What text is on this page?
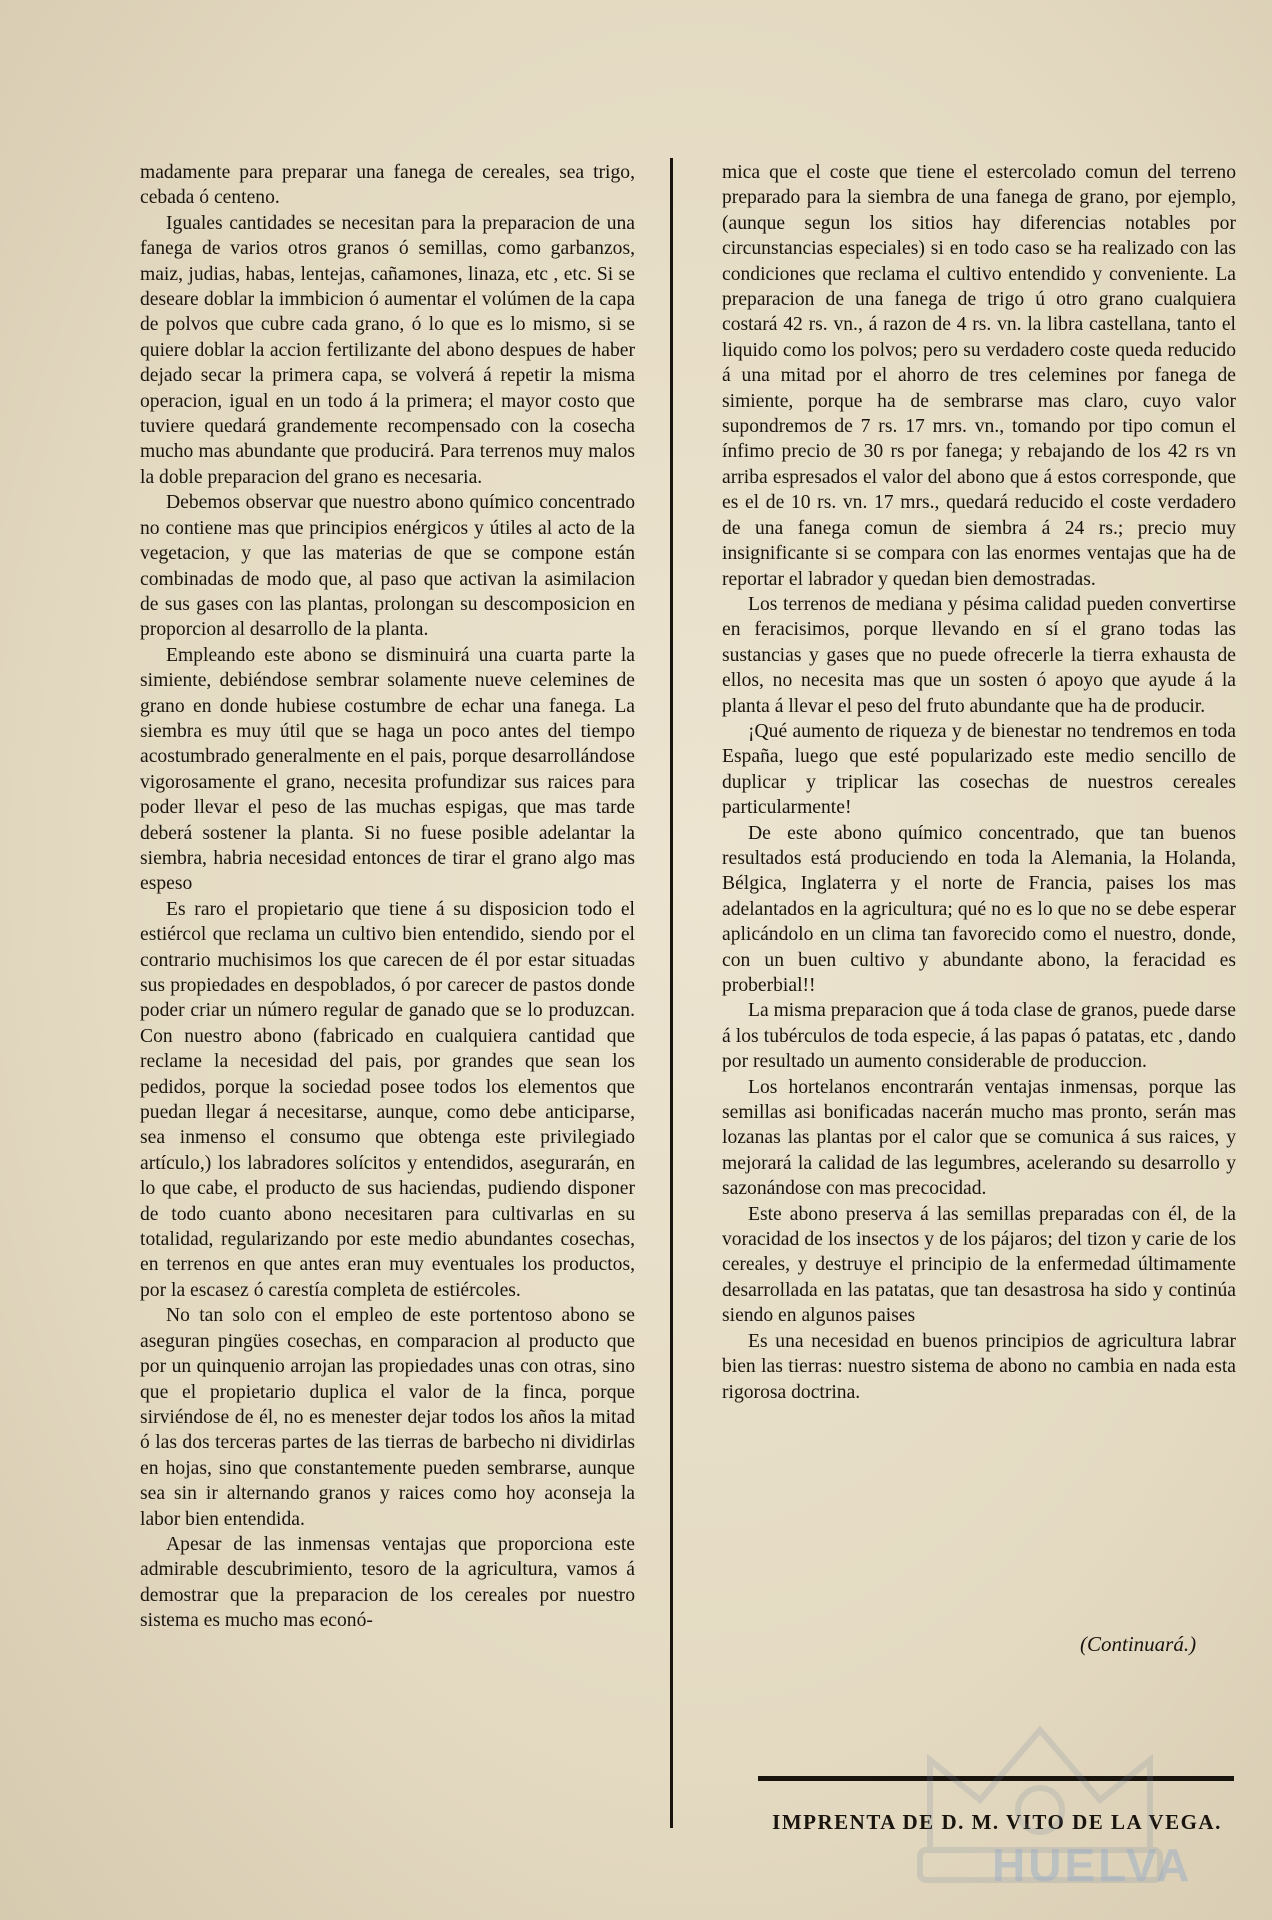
madamente para preparar una fanega de cereales, sea trigo, cebada ó centeno.

Iguales cantidades se necesitan para la preparacion de una fanega de varios otros granos ó semillas, como garbanzos, maiz, judias, habas, lentejas, cañamones, linaza, etc , etc. Si se deseare doblar la immbicion ó aumentar el volúmen de la capa de polvos que cubre cada grano, ó lo que es lo mismo, si se quiere doblar la accion fertilizante del abono despues de haber dejado secar la primera capa, se volverá á repetir la misma operacion, igual en un todo á la primera; el mayor costo que tuviere quedará grandemente recompensado con la cosecha mucho mas abundante que producirá. Para terrenos muy malos la doble preparacion del grano es necesaria.

Debemos observar que nuestro abono químico concentrado no contiene mas que principios enérgicos y útiles al acto de la vegetacion, y que las materias de que se compone están combinadas de modo que, al paso que activan la asimilacion de sus gases con las plantas, prolongan su descomposicion en proporcion al desarrollo de la planta.

Empleando este abono se disminuirá una cuarta parte la simiente, debiéndose sembrar solamente nueve celemines de grano en donde hubiese costumbre de echar una fanega. La siembra es muy útil que se haga un poco antes del tiempo acostumbrado generalmente en el pais, porque desarrollándose vigorosamente el grano, necesita profundizar sus raices para poder llevar el peso de las muchas espigas, que mas tarde deberá sostener la planta. Si no fuese posible adelantar la siembra, habria necesidad entonces de tirar el grano algo mas espeso

Es raro el propietario que tiene á su disposicion todo el estiércol que reclama un cultivo bien entendido, siendo por el contrario muchisimos los que carecen de él por estar situadas sus propiedades en despoblados, ó por carecer de pastos donde poder criar un número regular de ganado que se lo produzcan. Con nuestro abono (fabricado en cualquiera cantidad que reclame la necesidad del pais, por grandes que sean los pedidos, porque la sociedad posee todos los elementos que puedan llegar á necesitarse, aunque, como debe anticiparse, sea inmenso el consumo que obtenga este privilegiado artículo,) los labradores solícitos y entendidos, asegurarán, en lo que cabe, el producto de sus haciendas, pudiendo disponer de todo cuanto abono necesitaren para cultivarlas en su totalidad, regularizando por este medio abundantes cosechas, en terrenos en que antes eran muy eventuales los productos, por la escasez ó carestía completa de estiércoles.

No tan solo con el empleo de este portentoso abono se aseguran pingües cosechas, en comparacion al producto que por un quinquenio arrojan las propiedades unas con otras, sino que el propietario duplica el valor de la finca, porque sirviéndose de él, no es menester dejar todos los años la mitad ó las dos terceras partes de las tierras de barbecho ni dividirlas en hojas, sino que constantemente pueden sembrarse, aunque sea sin ir alternando granos y raices como hoy aconseja la labor bien entendida.

Apesar de las inmensas ventajas que proporciona este admirable descubrimiento, tesoro de la agricultura, vamos á demostrar que la preparacion de los cereales por nuestro sistema es mucho mas econó-

mica que el coste que tiene el estercolado comun del terreno preparado para la siembra de una fanega de grano, por ejemplo, (aunque segun los sitios hay diferencias notables por circunstancias especiales) si en todo caso se ha realizado con las condiciones que reclama el cultivo entendido y conveniente. La preparacion de una fanega de trigo ú otro grano cualquiera costará 42 rs. vn., á razon de 4 rs. vn. la libra castellana, tanto el liquido como los polvos; pero su verdadero coste queda reducido á una mitad por el ahorro de tres celemines por fanega de simiente, porque ha de sembrarse mas claro, cuyo valor supondremos de 7 rs. 17 mrs. vn., tomando por tipo comun el ínfimo precio de 30 rs por fanega; y rebajando de los 42 rs vn arriba espresados el valor del abono que á estos corresponde, que es el de 10 rs. vn. 17 mrs., quedará reducido el coste verdadero de una fanega comun de siembra á 24 rs.; precio muy insignificante si se compara con las enormes ventajas que ha de reportar el labrador y quedan bien demostradas.

Los terrenos de mediana y pésima calidad pueden convertirse en feracisimos, porque llevando en sí el grano todas las sustancias y gases que no puede ofrecerle la tierra exhausta de ellos, no necesita mas que un sosten ó apoyo que ayude á la planta á llevar el peso del fruto abundante que ha de producir.

¡Qué aumento de riqueza y de bienestar no tendremos en toda España, luego que esté popularizado este medio sencillo de duplicar y triplicar las cosechas de nuestros cereales particularmente!

De este abono químico concentrado, que tan buenos resultados está produciendo en toda la Alemania, la Holanda, Bélgica, Inglaterra y el norte de Francia, paises los mas adelantados en la agricultura; qué no es lo que no se debe esperar aplicándolo en un clima tan favorecido como el nuestro, donde, con un buen cultivo y abundante abono, la feracidad es proberbial!!

La misma preparacion que á toda clase de granos, puede darse á los tubérculos de toda especie, á las papas ó patatas, etc , dando por resultado un aumento considerable de produccion.

Los hortelanos encontrarán ventajas inmensas, porque las semillas asi bonificadas nacerán mucho mas pronto, serán mas lozanas las plantas por el calor que se comunica á sus raices, y mejorará la calidad de las legumbres, acelerando su desarrollo y sazonándose con mas precocidad.

Este abono preserva á las semillas preparadas con él, de la voracidad de los insectos y de los pájaros; del tizon y carie de los cereales, y destruye el principio de la enfermedad últimamente desarrollada en las patatas, que tan desastrosa ha sido y continúa siendo en algunos paises

Es una necesidad en buenos principios de agricultura labrar bien las tierras: nuestro sistema de abono no cambia en nada esta rigorosa doctrina.

(Continuará.)
IMPRENTA DE D. M. VITO DE LA VEGA.
HUELVA
